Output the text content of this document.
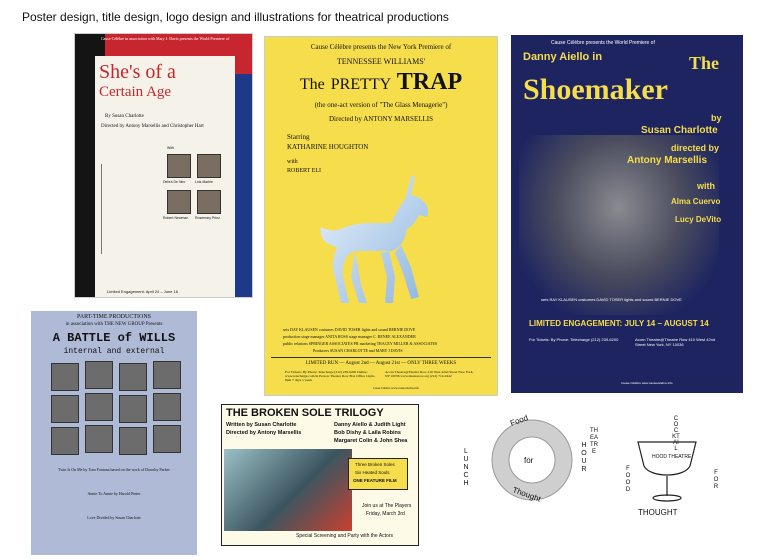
Poster design, title design, logo design and illustrations for theatrical productions
Cause Célèbre in association with Mary J. Davis presents the World Premiere of
She's of a
Certain Age
By Susan Charlotte
Directed by Antony Marsellis and Christopher Hart
With
Debra De Niro	Lois Markle
Robert Newman Rosemary Prinz
Limited Engagement: April 24 – June 16
Cause Célèbre presents the New York Premiere of
TENNESSEE WILLIAMS'
The PRETTY TRAP
(the one-act version of "The Glass Menagerie")
Directed by ANTONY MARSELLIS
Starring
KATHARINE HOUGHTON
with
ROBERT ELI
sets DAY KLAUSEN costumes DAVID TOSER lights and sound BERNIE DOVE
production stage manager ANITA ROSS stage manager C. RENEE ALEXANDER
public relations SPRINGER ASSOCIATES PR marketing TRACEY MILLER & ASSOCIATES
Producers SUSAN CHARLOTTE and MARY J DAVIS
LIMITED RUN — August 2nd — August 21st — ONLY THREE WEEKS
For Tickets: By Phone: Telecharge (212) 239-6200 Online: www.telecharge.com In Person: Theatre Row Box Office 12pm-8pm 7 days a week
Acorn Theatre@Theatre Row 410 West 42nd Street New York, NY 10036 www.theatrerow.org (212) 714-2442
Cause Célèbre www.causecelebre.info
Cause Célèbre presents the World Premiere of
Danny Aiello in	The
Shoemaker
by
Susan Charlotte
directed by
Antony Marsellis
with
Alma Cuervo
Lucy DeVito
sets RAY KLAUSEN costumes DAVID TOSER lights and sound BERNIE DOVE
LIMITED ENGAGEMENT: JULY 14 – AUGUST 14
For Tickets: By Phone: Telecharge (212) 239-6200	Acorn Theatre@Theatre Row 410 West 42nd Street New York, NY 10036
Cause Célèbre www.causecelebre.info
PART-TIME PRODUCTIONS
in association with THE NEW GROUP Presents
A BATTLE of WILLS
internal and external
Twin Is On Me by Tom Fontana based on the work of Dorothy Parker
Annie To Annie by Harold Pinter
Love Divided by Susan Charlotte
THE BROKEN SOLE TRILOGY
Written by Susan Charlotte
Directed by Antony Marsellis
Danny Aiello & Judith Light
Bob Dishy & Laila Robins
Margaret Colin & John Shea
Three Broken Soles
Six Heated Souls
ONE FEATURE FILM
Join us at The Players
Friday, March 3rd
Special Screening and Party with the Actors
LUNCH
Food
for
Thought
HOUR
THEATRE
COCKTAIL
HOOD THEATRE
FOOD
FOR
THOUGHT
